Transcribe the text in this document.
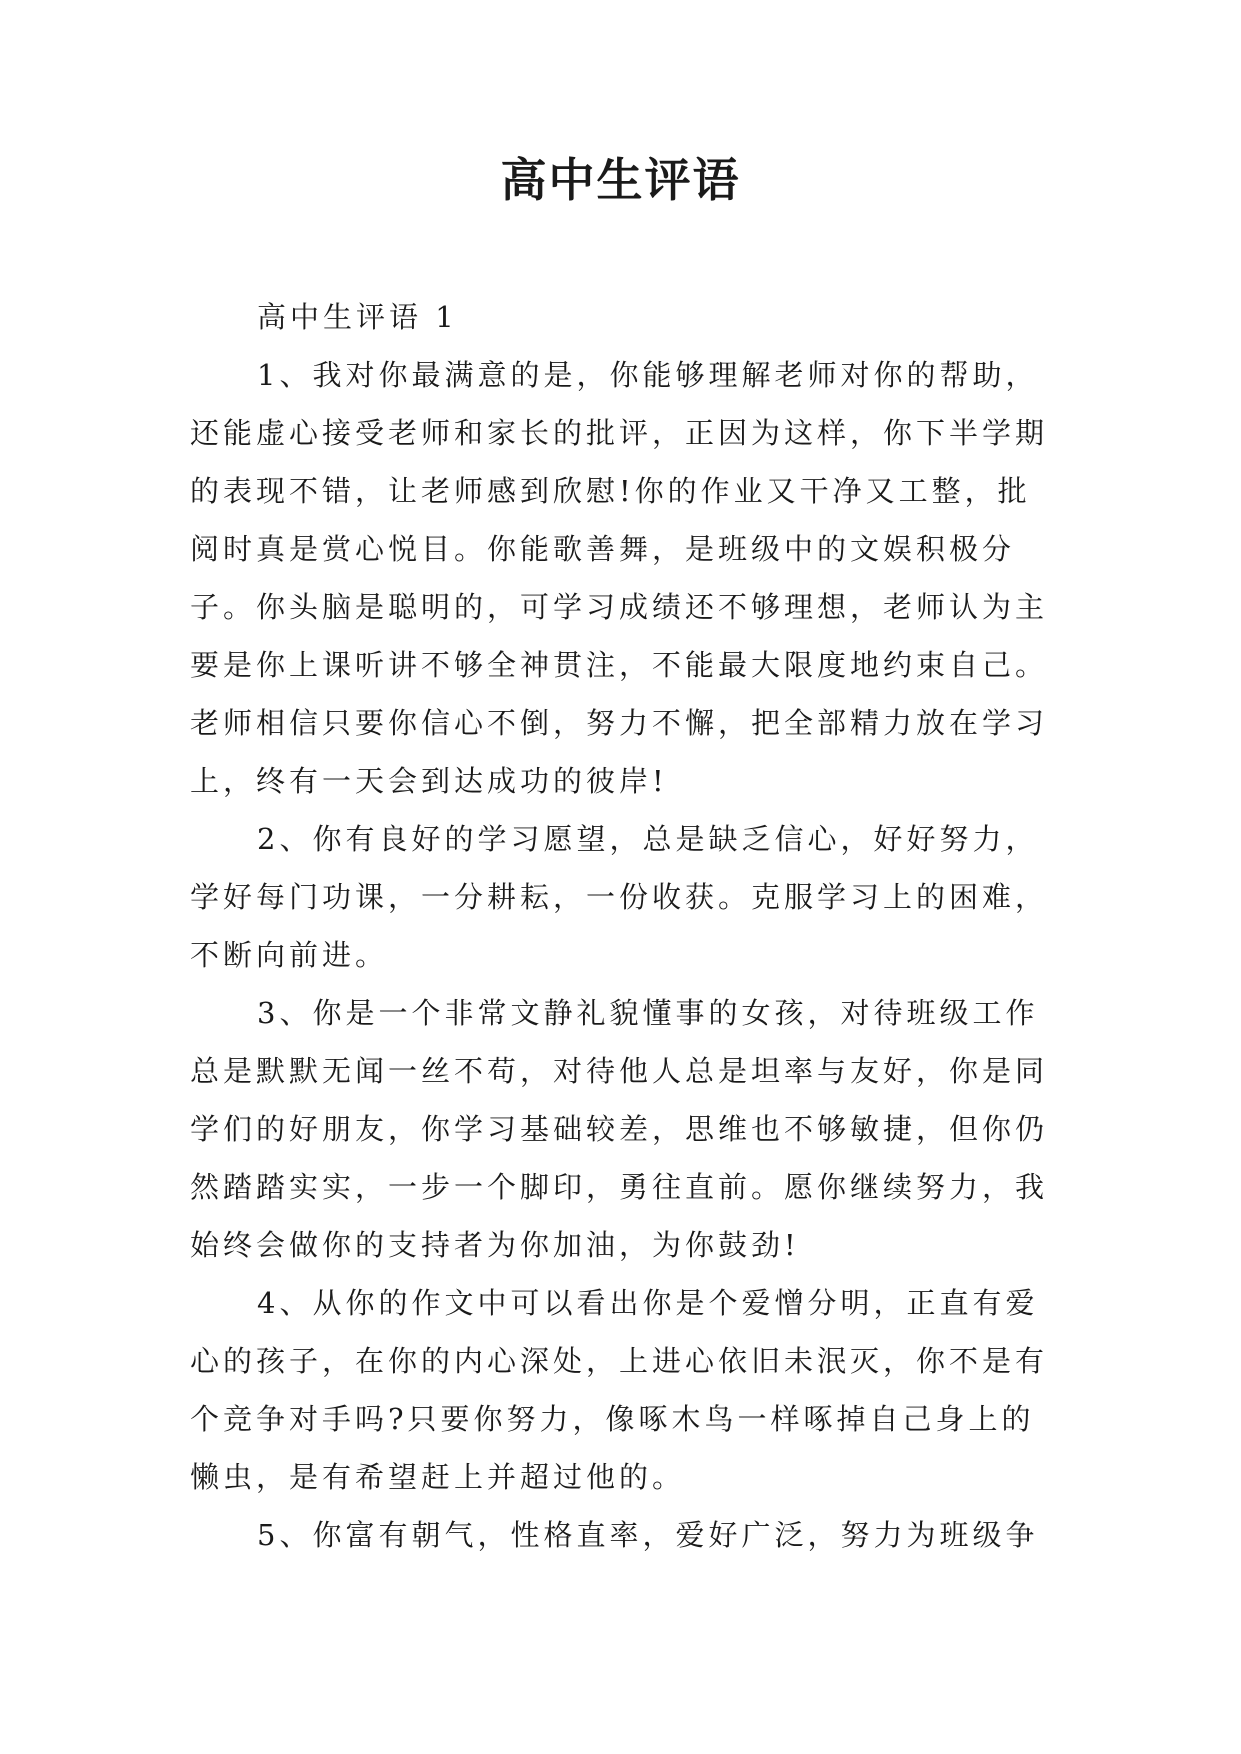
高中生评语

高中生评语 1

1、我对你最满意的是，你能够理解老师对你的帮助，还能虚心接受老师和家长的批评，正因为这样，你下半学期的表现不错，让老师感到欣慰!你的作业又干净又工整，批阅时真是赏心悦目。你能歌善舞，是班级中的文娱积极分子。你头脑是聪明的，可学习成绩还不够理想，老师认为主要是你上课听讲不够全神贯注，不能最大限度地约束自己。老师相信只要你信心不倒，努力不懈，把全部精力放在学习上，终有一天会到达成功的彼岸!

2、你有良好的学习愿望，总是缺乏信心，好好努力，学好每门功课，一分耕耘，一份收获。克服学习上的困难，不断向前进。

3、你是一个非常文静礼貌懂事的女孩，对待班级工作总是默默无闻一丝不苟，对待他人总是坦率与友好，你是同学们的好朋友，你学习基础较差，思维也不够敏捷，但你仍然踏踏实实，一步一个脚印，勇往直前。愿你继续努力，我始终会做你的支持者为你加油，为你鼓劲!

4、从你的作文中可以看出你是个爱憎分明，正直有爱心的孩子，在你的内心深处，上进心依旧未泯灭，你不是有个竞争对手吗?只要你努力，像啄木鸟一样啄掉自己身上的懒虫，是有希望赶上并超过他的。

5、你富有朝气，性格直率，爱好广泛，努力为班级争
